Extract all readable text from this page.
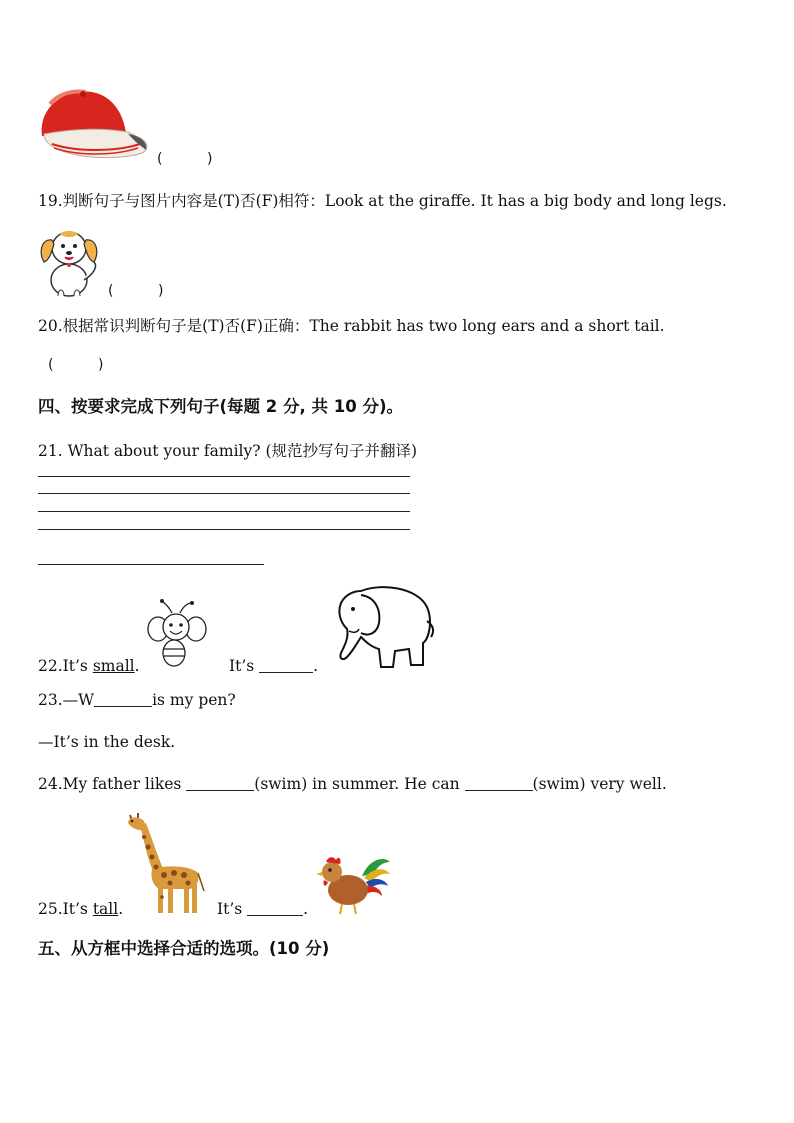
(          )
19.判断句子与图片内容是(T)否(F)相符：Look at the giraffe. It has a big body and long legs.
(          )
20.根据常识判断句子是(T)否(F)正确：The rabbit has two long ears and a short tail.
(          )
四、按要求完成下列句子(每题 2 分, 共 10 分)。
21. What about your family? (规范抄写句子并翻译)
22.It’s small.	It’s	.
23.—W	is my pen?
—It’s in the desk.
24.My father likes	(swim) in summer. He can	(swim) very well.
25.It’s tall.	It’s	.
五、从方框中选择合适的选项。(10 分)
